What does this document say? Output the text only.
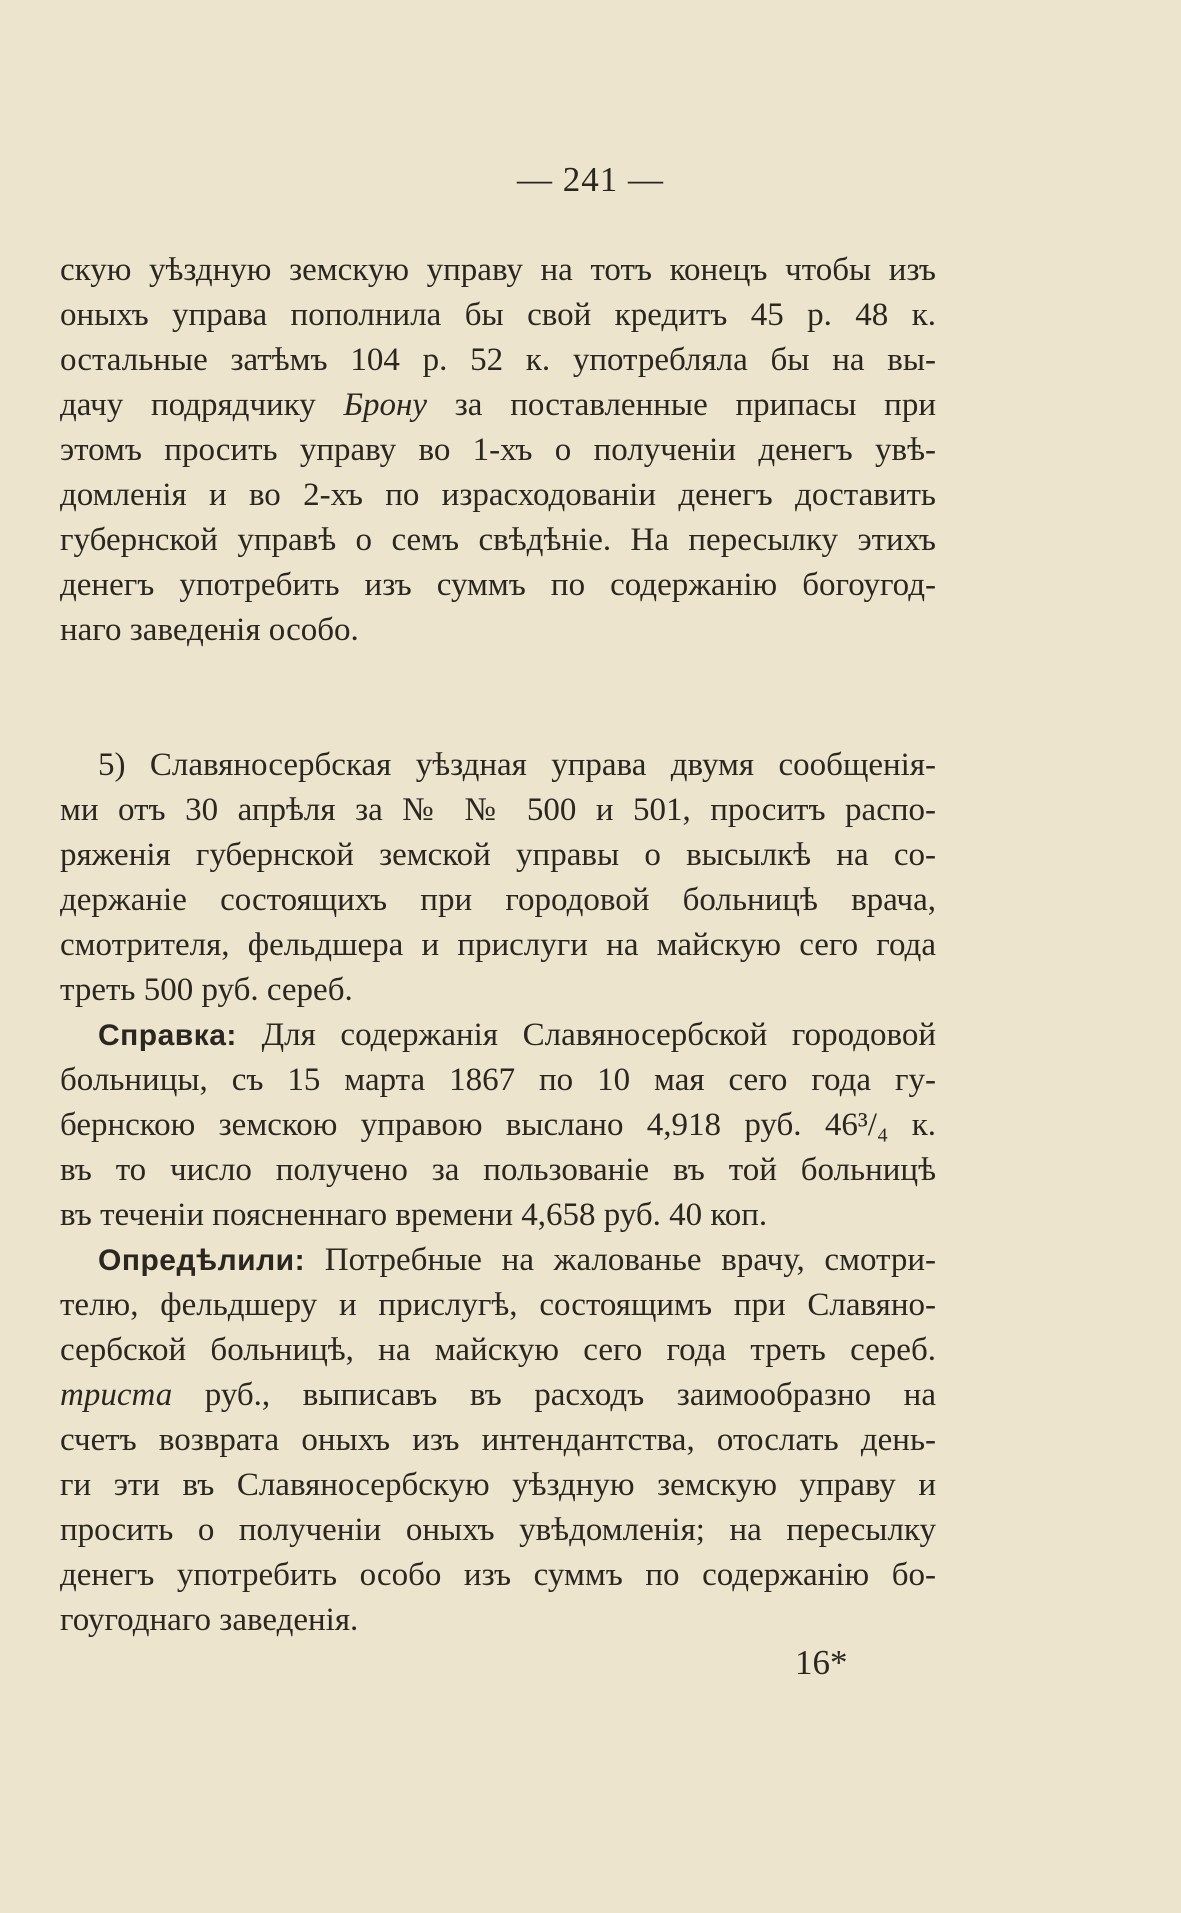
— 241 —
скую уѣздную земскую управу на тотъ конецъ чтобы изъ
оныхъ управа пополнила бы свой кредитъ 45 р. 48 к.
остальные затѣмъ 104 р. 52 к. употребляла бы на вы-
дачу подрядчику Брону за поставленные припасы при
этомъ просить управу во 1-хъ о полученіи денегъ увѣ-
домленія и во 2-хъ по израсходованіи денегъ доставить
губернской управѣ о семъ свѣдѣніе. На пересылку этихъ
денегъ употребить изъ суммъ по содержанію богоугод-
наго заведенія особо.
5) Славяносербская уѣздная управа двумя сообщенія-
ми отъ 30 апрѣля за № № 500 и 501, проситъ распо-
ряженія губернской земской управы о высылкѣ на со-
держаніе состоящихъ при городовой больницѣ врача,
смотрителя, фельдшера и прислуги на майскую сего года
треть 500 руб. сереб.
Справка: Для содержанія Славяносербской городовой
больницы, съ 15 марта 1867 по 10 мая сего года гу-
бернскою земскою управою выслано 4,918 руб. 46³/₄ к.
въ то число получено за пользованіе въ той больницѣ
въ теченіи поясненнаго времени 4,658 руб. 40 коп.
Опредѣлили: Потребные на жалованье врачу, смотри-
телю, фельдшеру и прислугѣ, состоящимъ при Славяно-
сербской больницѣ, на майскую сего года треть сереб.
триста руб., выписавъ въ расходъ заимообразно на
счетъ возврата оныхъ изъ интендантства, отослать день-
ги эти въ Славяносербскую уѣздную земскую управу и
просить о полученіи оныхъ увѣдомленія; на пересылку
денегъ употребить особо изъ суммъ по содержанію бо-
гоугоднаго заведенія.
16*
